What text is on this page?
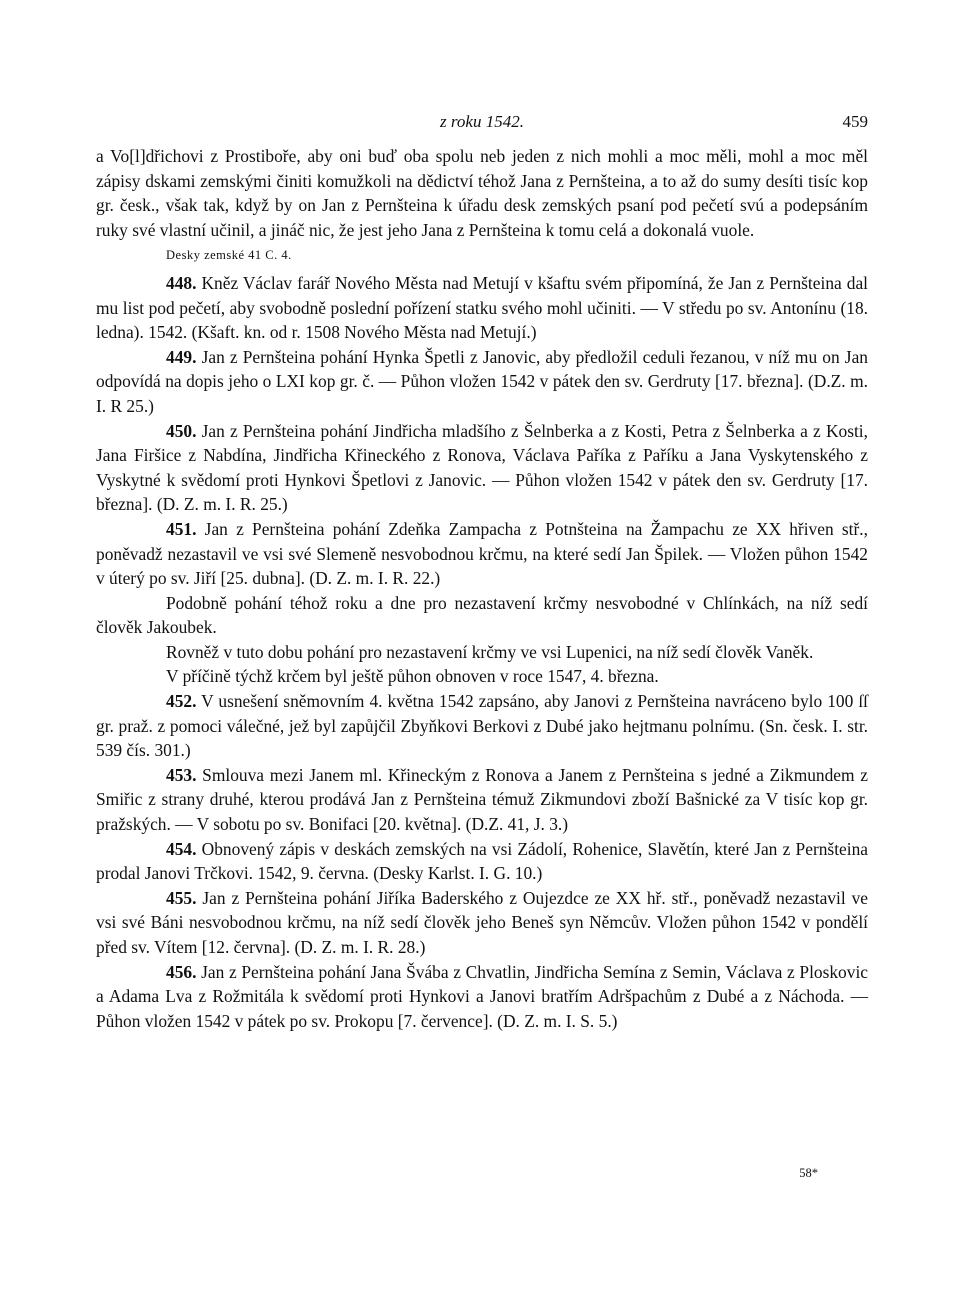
z roku 1542.	459

a Vo[l]dřichovi z Prostiboře, aby oni buď oba spolu neb jeden z nich mohli a moc měli, mohl a moc měl zápisy dskami zemskými činiti komužkoli na dědictví téhož Jana z Pernšteina, a to až do sumy desíti tisíc kop gr. česk., však tak, když by on Jan z Pernšteina k úřadu desk zemských psaní pod pečetí svú a podepsáním ruky své vlastní učinil, a jináč nic, že jest jeho Jana z Pernšteina k tomu celá a dokonalá vuole.

Desky zemské 41 C. 4.

448. Kněz Václav farář Nového Města nad Metují v kšaftu svém připomíná, že Jan z Pernšteina dal mu list pod pečetí, aby svobodně poslední pořízení statku svého mohl učiniti. — V středu po sv. Antonínu (18. ledna). 1542. (Kšaft. kn. od r. 1508 Nového Města nad Metují.)

449. Jan z Pernšteina pohání Hynka Špetli z Janovic, aby předložil ceduli řezanou, v níž mu on Jan odpovídá na dopis jeho o LXI kop gr. č. — Půhon vložen 1542 v pátek den sv. Gerdruty [17. března]. (D.Z. m. I. R 25.)

450. Jan z Pernšteina pohání Jindřicha mladšího z Šelnberka a z Kosti, Petra z Šelnberka a z Kosti, Jana Firšice z Nabdína, Jindřicha Křineckého z Ronova, Václava Paříka z Paříku a Jana Vyskytenského z Vyskytné k svědomí proti Hynkovi Špetlovi z Janovic. — Půhon vložen 1542 v pátek den sv. Gerdruty [17. března]. (D. Z. m. I. R. 25.)

451. Jan z Pernšteina pohání Zdeňka Zampacha z Potnšteina na Žampachu ze XX hřiven stř., poněvadž nezastavil ve vsi své Slemeně nesvobodnou krčmu, na které sedí Jan Špilek. — Vložen půhon 1542 v úterý po sv. Jiří [25. dubna]. (D. Z. m. I. R. 22.)

Podobně pohání téhož roku a dne pro nezastavení krčmy nesvobodné v Chlínkách, na níž sedí člověk Jakoubek.

Rovněž v tuto dobu pohání pro nezastavení krčmy ve vsi Lupenici, na níž sedí člověk Vaněk.

V příčině týchž krčem byl ještě půhon obnoven v roce 1547, 4. března.

452. V usnešení sněmovním 4. května 1542 zapsáno, aby Janovi z Pernšteina navráceno bylo 100 ſſ gr. praž. z pomoci válečné, jež byl zapůjčil Zbyňkovi Berkovi z Dubé jako hejtmanu polnímu. (Sn. česk. I. str. 539 čís. 301.)

453. Smlouva mezi Janem ml. Křineckým z Ronova a Janem z Pernšteina s jedné a Zikmundem z Smiřic z strany druhé, kterou prodává Jan z Pernšteina témuž Zikmundovi zboží Bašnické za V tisíc kop gr. pražských. — V sobotu po sv. Bonifaci [20. května]. (D.Z. 41, J. 3.)

454. Obnovený zápis v deskách zemských na vsi Zádolí, Rohenice, Slavětín, které Jan z Pernšteina prodal Janovi Trčkovi. 1542, 9. června. (Desky Karlst. I. G. 10.)

455. Jan z Pernšteina pohání Jiříka Baderského z Oujezdce ze XX hř. stř., poněvadž nezastavil ve vsi své Báni nesvobodnou krčmu, na níž sedí člověk jeho Beneš syn Němcův. Vložen půhon 1542 v pondělí před sv. Vítem [12. června]. (D. Z. m. I. R. 28.)

456. Jan z Pernšteina pohání Jana Švába z Chvatlin, Jindřicha Semína z Semin, Václava z Ploskovic a Adama Lva z Rožmitála k svědomí proti Hynkovi a Janovi bratřím Adršpachům z Dubé a z Náchoda. — Půhon vložen 1542 v pátek po sv. Prokopu [7. července]. (D. Z. m. I. S. 5.)

58*
